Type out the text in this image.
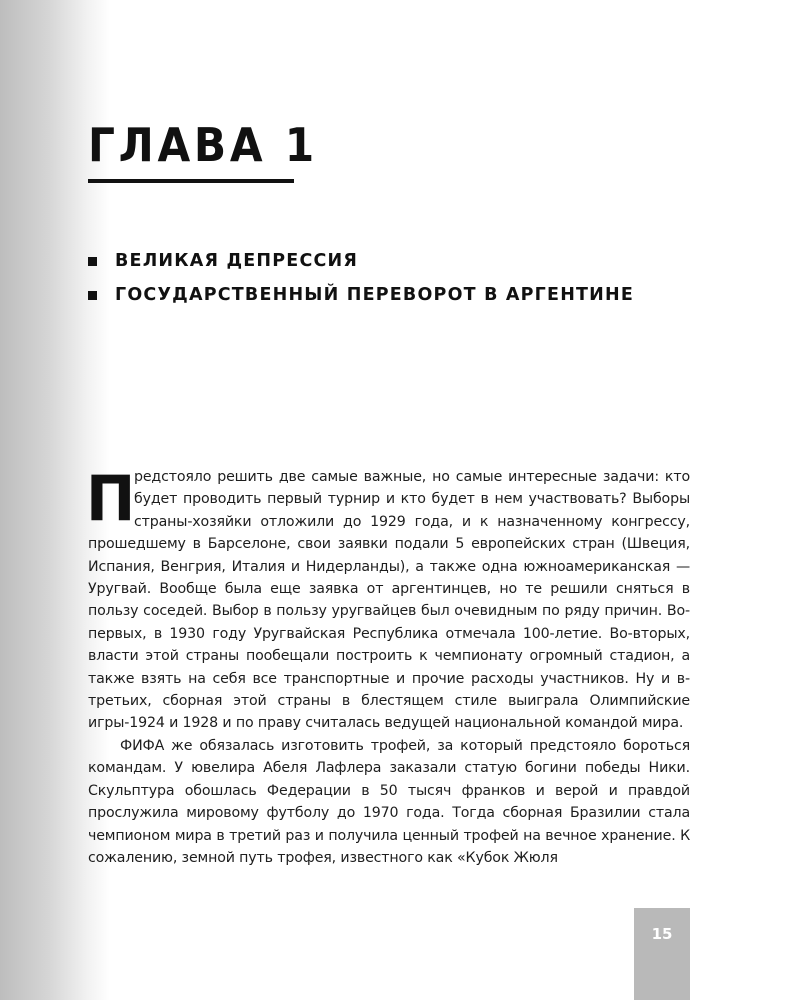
ГЛАВА 1
ВЕЛИКАЯ ДЕПРЕССИЯ
ГОСУДАРСТВЕННЫЙ ПЕРЕВОРОТ В АРГЕНТИНЕ

П
редстояло решить две самые важные, но самые интересные задачи: кто будет проводить первый турнир и кто будет в нем участвовать? Выборы страны-хозяйки отложили до 1929 года, и к назначенному конгрессу, прошедшему в Барселоне, свои заявки подали 5 европейских стран (Швеция, Испания, Венгрия, Италия и Нидерланды), а также одна южноамериканская — Уругвай. Вообще была еще заявка от аргентинцев, но те решили сняться в пользу соседей. Выбор в пользу уругвайцев был очевидным по ряду причин. Во-первых, в 1930 году Уругвайская Республика отмечала 100-летие. Во-вторых, власти этой страны пообещали построить к чемпионату огромный стадион, а также взять на себя все транспортные и прочие расходы участников. Ну и в-третьих, сборная этой страны в блестящем стиле выиграла Олимпийские игры-1924 и 1928 и по праву считалась ведущей национальной командой мира.

ФИФА же обязалась изготовить трофей, за который предстояло бороться командам. У ювелира Абеля Лафлера заказали статую богини победы Ники. Скульптура обошлась Федерации в 50 тысяч франков и верой и правдой прослужила мировому футболу до 1970 года. Тогда сборная Бразилии стала чемпионом мира в третий раз и получила ценный трофей на вечное хранение. К сожалению, земной путь трофея, известного как «Кубок Жюля

15
